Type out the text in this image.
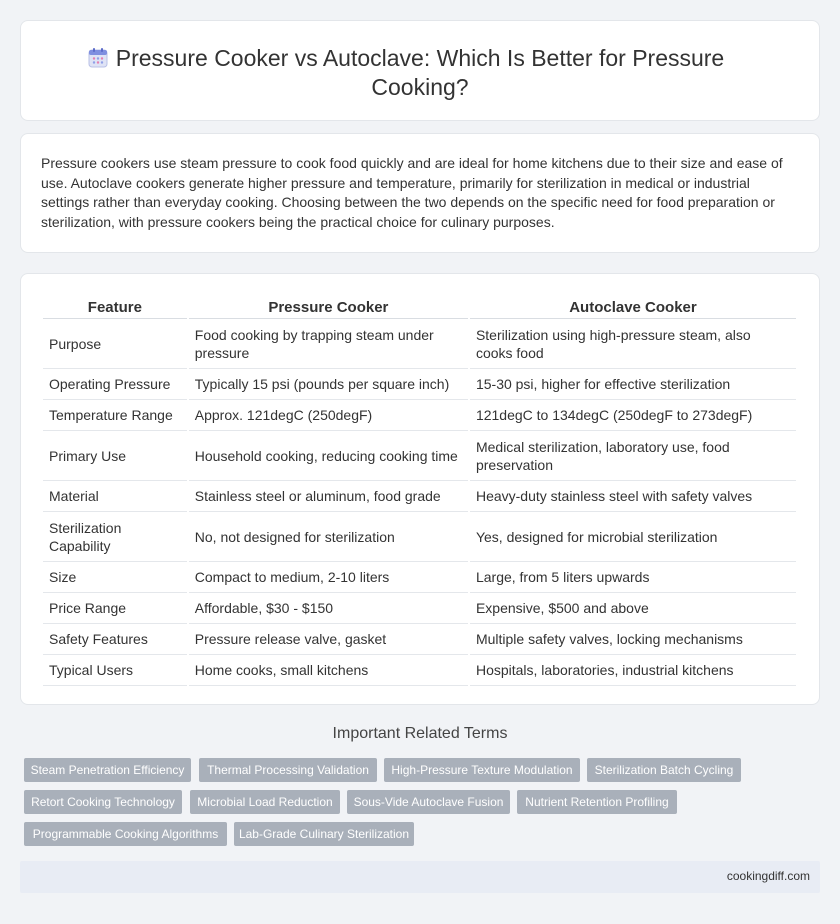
Pressure Cooker vs Autoclave: Which Is Better for Pressure Cooking?

Pressure cookers use steam pressure to cook food quickly and are ideal for home kitchens due to their size and ease of use. Autoclave cookers generate higher pressure and temperature, primarily for sterilization in medical or industrial settings rather than everyday cooking. Choosing between the two depends on the specific need for food preparation or sterilization, with pressure cookers being the practical choice for culinary purposes.

Feature	Pressure Cooker	Autoclave Cooker
Purpose	Food cooking by trapping steam under pressure	Sterilization using high-pressure steam, also cooks food
Operating Pressure	Typically 15 psi (pounds per square inch)	15-30 psi, higher for effective sterilization
Temperature Range	Approx. 121degC (250degF)	121degC to 134degC (250degF to 273degF)
Primary Use	Household cooking, reducing cooking time	Medical sterilization, laboratory use, food preservation
Material	Stainless steel or aluminum, food grade	Heavy-duty stainless steel with safety valves
Sterilization Capability	No, not designed for sterilization	Yes, designed for microbial sterilization
Size	Compact to medium, 2-10 liters	Large, from 5 liters upwards
Price Range	Affordable, $30 - $150	Expensive, $500 and above
Safety Features	Pressure release valve, gasket	Multiple safety valves, locking mechanisms
Typical Users	Home cooks, small kitchens	Hospitals, laboratories, industrial kitchens
Important Related Terms
Steam Penetration Efficiency	Thermal Processing Validation	High-Pressure Texture Modulation	Sterilization Batch Cycling
Retort Cooking Technology	Microbial Load Reduction	Sous-Vide Autoclave Fusion	Nutrient Retention Profiling
Programmable Cooking Algorithms	Lab-Grade Culinary Sterilization
cookingdiff.com
